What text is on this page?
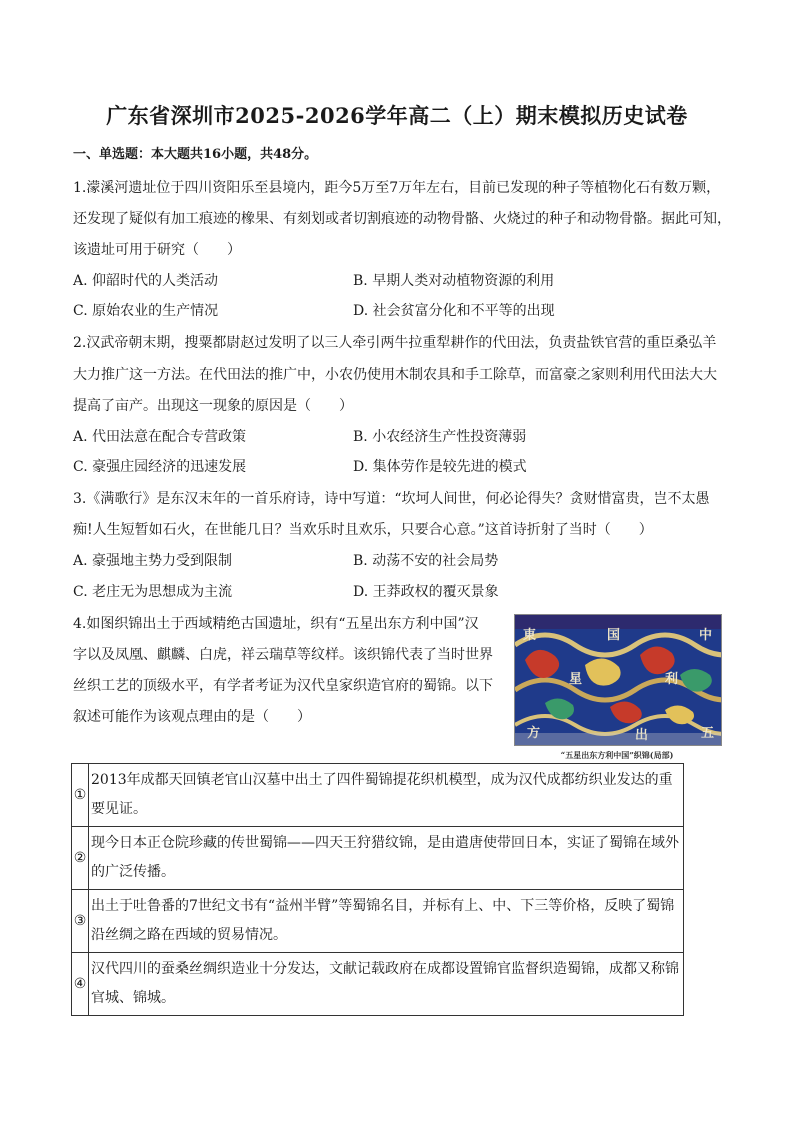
广东省深圳市2025-2026学年高二（上）期末模拟历史试卷
一、单选题：本大题共16小题，共48分。
1.濛溪河遗址位于四川资阳乐至县境内，距今5万至7万年左右，目前已发现的种子等植物化石有数万颗，
还发现了疑似有加工痕迹的橡果、有刻划或者切割痕迹的动物骨骼、火烧过的种子和动物骨骼。据此可知，
该遗址可用于研究（　　）
A. 仰韶时代的人类活动	B. 早期人类对动植物资源的利用
C. 原始农业的生产情况	D. 社会贫富分化和不平等的出现
2.汉武帝朝末期，搜粟都尉赵过发明了以三人牵引两牛拉重犁耕作的代田法，负责盐铁官营的重臣桑弘羊
大力推广这一方法。在代田法的推广中，小农仍使用木制农具和手工除草，而富豪之家则利用代田法大大
提高了亩产。出现这一现象的原因是（　　）
A. 代田法意在配合专营政策	B. 小农经济生产性投资薄弱
C. 豪强庄园经济的迅速发展	D. 集体劳作是较先进的模式
3.《满歌行》是东汉末年的一首乐府诗，诗中写道：“坎坷人间世，何必论得失？贪财惜富贵，岂不太愚
痴!人生短暂如石火，在世能几日？当欢乐时且欢乐，只要合心意。”这首诗折射了当时（　　）
A. 豪强地主势力受到限制	B. 动荡不安的社会局势
C. 老庄无为思想成为主流	D. 王莽政权的覆灭景象
4.如图织锦出土于西域精绝古国遗址，织有“五星出东方利中国”汉
字以及凤凰、麒麟、白虎，祥云瑞草等纹样。该织锦代表了当时世界
丝织工艺的顶级水平，有学者考证为汉代皇家织造官府的蜀锦。以下
叙述可能作为该观点理由的是（　　）
東	国	中
星	利
方	出	五
“五星出东方利中国”织锦(局部)
①	2013年成都天回镇老官山汉墓中出土了四件蜀锦提花织机模型，成为汉代成都纺织业发达的重要见证。
②	现今日本正仓院珍藏的传世蜀锦——四天王狩猎纹锦，是由遣唐使带回日本，实证了蜀锦在域外的广泛传播。
③	出土于吐鲁番的7世纪文书有“益州半臂”等蜀锦名目，并标有上、中、下三等价格，反映了蜀锦沿丝绸之路在西域的贸易情况。
④	汉代四川的蚕桑丝绸织造业十分发达，文献记载政府在成都设置锦官监督织造蜀锦，成都又称锦官城、锦城。
